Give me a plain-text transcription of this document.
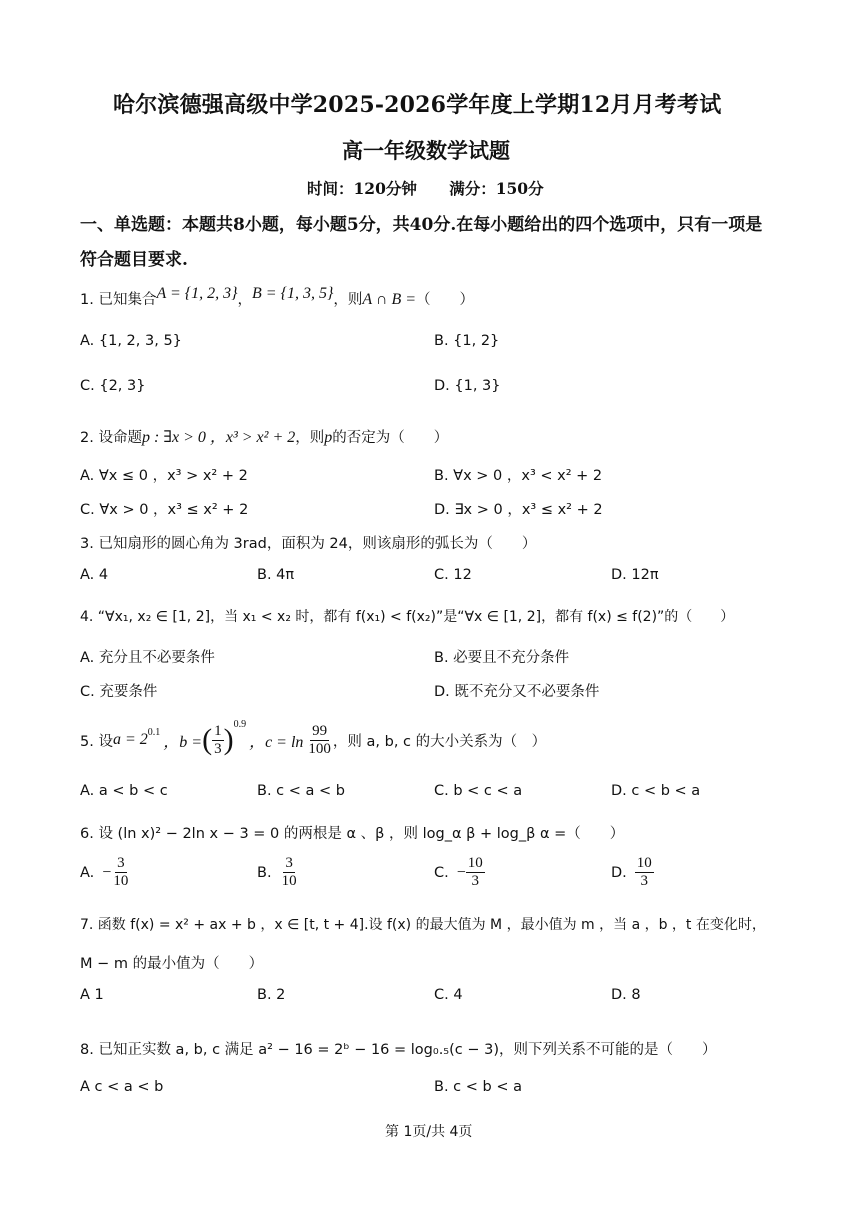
哈尔滨德强高级中学2025-2026学年度上学期12月月考考试
高一年级数学试题
时间：120分钟      满分：150分
一、单选题：本题共8小题，每小题5分，共40分.在每小题给出的四个选项中，只有一项是
符合题目要求.
1. 已知集合A = {1, 2, 3}，B = {1, 3, 5}，则A ∩ B =（　　）
A. {1, 2, 3, 5}	B. {1, 2}
C. {2, 3}	D. {1, 3}
2. 设命题p : ∃x > 0 ，x³ > x² + 2，则p的否定为（　　）
A. ∀x ≤ 0 ，x³ > x² + 2	B. ∀x > 0 ，x³ < x² + 2
C. ∀x > 0 ，x³ ≤ x² + 2	D. ∃x > 0 ，x³ ≤ x² + 2
3. 已知扇形的圆心角为 3rad，面积为 24，则该扇形的弧长为（　　）
A. 4	B. 4π	C. 12	D. 12π
4. “∀x₁, x₂ ∈ [1, 2]，当 x₁ < x₂ 时，都有 f(x₁) < f(x₂)”是“∀x ∈ [1, 2]，都有 f(x) ≤ f(2)”的（　　）
A. 充分且不必要条件	B. 必要且不充分条件
C. 充要条件	D. 既不充分又不必要条件
5. 设 $a = 2^{0.1}$
，b = ( $\frac{1}{3} )^{0.9}$
，$c = \ln \frac{99}{100}$ ，则 a, b, c 的大小关系为（　）
A. a < b < c	B. c < a < b	C. b < c < a	D. c < b < a
6. 设 (ln x)² − 2ln x − 3 = 0 的两根是 α 、β ，则 log_α β + log_β α =（　　）
A. − $\frac{3}{10}$	B. $\frac{3}{10}$	C. − $\frac{10}{3}$	D. $\frac{10}{3}$
7. 函数 f(x) = x² + ax + b ，x ∈ [t, t + 4].设 f(x) 的最大值为 M ，最小值为 m ，当 a ，b ，t 在变化时，
M − m 的最小值为（　　）
A 1	B. 2	C. 4	D. 8
8. 已知正实数 a, b, c 满足 a² − 16 = 2ᵇ − 16 = log₀.₅(c − 3)，则下列关系不可能的是（　　）
A c < a < b	B. c < b < a
第 1页/共 4页
